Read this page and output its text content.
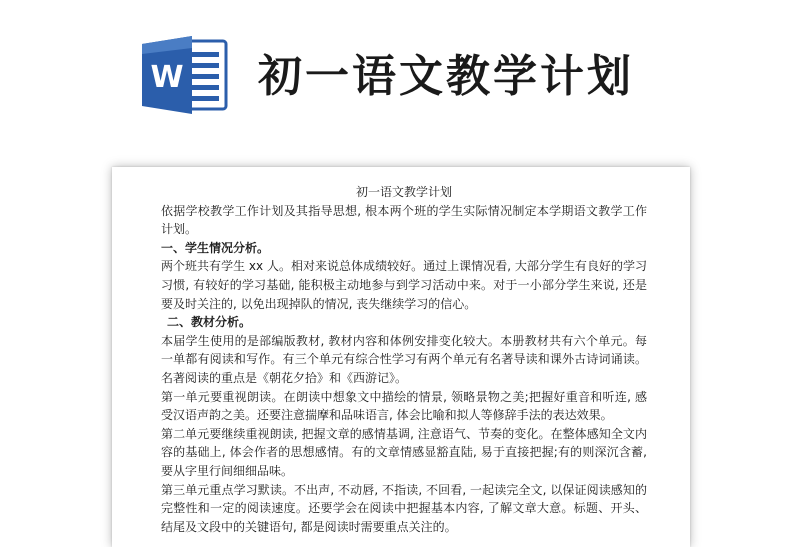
W 初一语文教学计划

初一语文教学计划

依据学校教学工作计划及其指导思想, 根本两个班的学生实际情况制定本学期语文教学工作计划。

一、学生情况分析。

两个班共有学生 xx 人。相对来说总体成绩较好。通过上课情况看, 大部分学生有良好的学习习惯, 有较好的学习基础, 能积极主动地参与到学习活动中来。对于一小部分学生来说, 还是要及时关注的, 以免出现掉队的情况, 丧失继续学习的信心。

二、教材分析。

本届学生使用的是部编版教材, 教材内容和体例安排变化较大。本册教材共有六个单元。每一单都有阅读和写作。有三个单元有综合性学习有两个单元有名著导读和课外古诗词诵读。名著阅读的重点是《朝花夕拾》和《西游记》。

第一单元要重视朗读。在朗读中想象文中描绘的情景, 领略景物之美;把握好重音和听连, 感受汉语声韵之美。还要注意揣摩和品味语言, 体会比喻和拟人等修辞手法的表达效果。

第二单元要继续重视朗读, 把握文章的感情基调, 注意语气、节奏的变化。在整体感知全文内容的基础上, 体会作者的思想感情。有的文章情感显豁直陆, 易于直接把握;有的则深沉含蓄, 要从字里行间细细品味。

第三单元重点学习默读。不出声, 不动唇, 不指读, 不回看, 一起读完全文, 以保证阅读感知的完整性和一定的阅读速度。还要学会在阅读中把握基本内容, 了解文章大意。标题、开头、结尾及文段中的关键语句, 都是阅读时需要重点关注的。
